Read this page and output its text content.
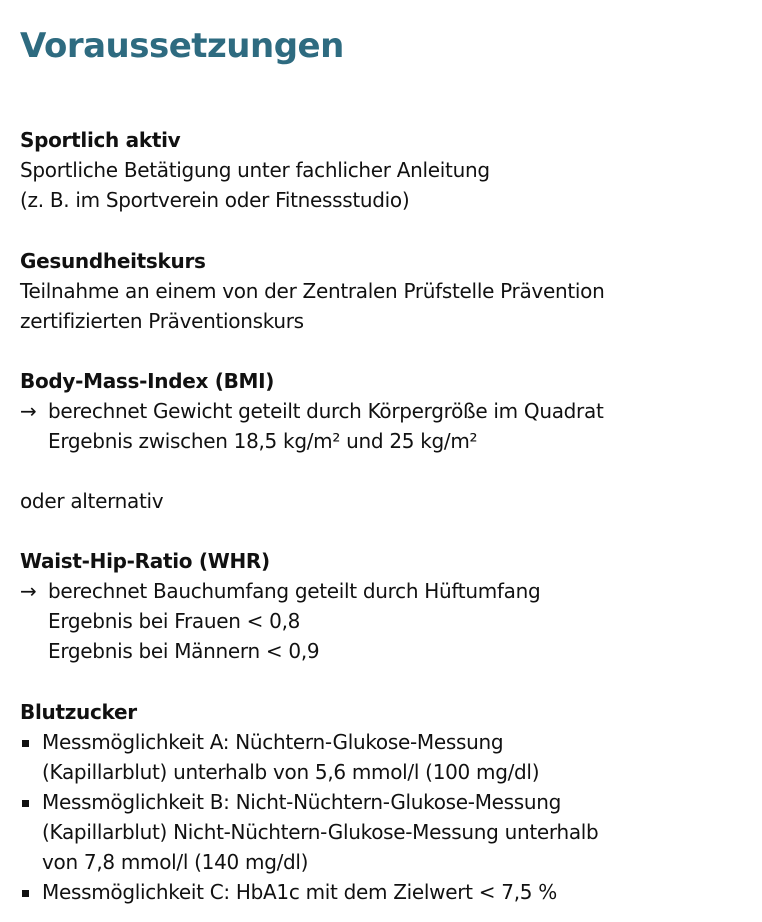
Voraussetzungen
Sportlich aktiv
Sportliche Betätigung unter fachlicher Anleitung
(z. B. im Sportverein oder Fitnessstudio)
Gesundheitskurs
Teilnahme an einem von der Zentralen Prüfstelle Prävention
zertifizierten Präventionskurs
Body-Mass-Index (BMI)
→ berechnet Gewicht geteilt durch Körpergröße im Quadrat
Ergebnis zwischen 18,5 kg/m² und 25 kg/m²
oder alternativ
Waist-Hip-Ratio (WHR)
→ berechnet Bauchumfang geteilt durch Hüftumfang
Ergebnis bei Frauen < 0,8
Ergebnis bei Männern < 0,9
Blutzucker
Messmöglichkeit A: Nüchtern-Glukose-Messung
(Kapillarblut) unterhalb von 5,6 mmol/l (100 mg/dl)
Messmöglichkeit B: Nicht-Nüchtern-Glukose-Messung
(Kapillarblut) Nicht-Nüchtern-Glukose-Messung unterhalb
von 7,8 mmol/l (140 mg/dl)
Messmöglichkeit C: HbA1c mit dem Zielwert < 7,5 %
